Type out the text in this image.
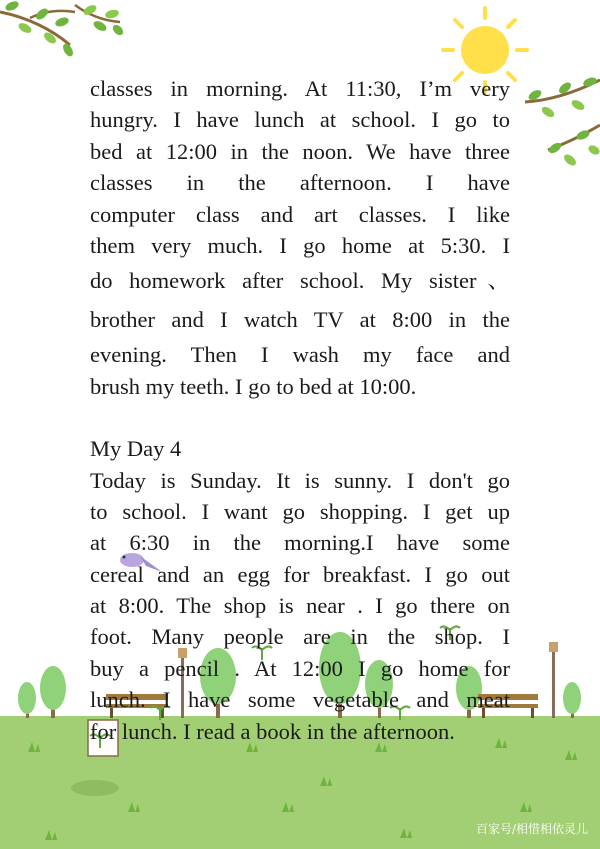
classes in morning. At 11:30, I’m very
hungry. I have lunch at school. I go to
bed at 12:00 in the noon. We have three
classes in the afternoon. I have
computer class and art classes. I like
them very much. I go home at 5:30. I
do homework after school. My sister、
brother and I watch TV at 8:00 in the
evening. Then I wash my face and
brush my teeth. I go to bed at 10:00.
My Day 4
Today is Sunday. It is sunny. I don't go
to school. I want go shopping. I get up
at 6:30 in the morning.I have some
cereal and an egg for breakfast. I go out
at 8:00. The shop is near . I go there on
foot. Many people are in the shop. I
buy a pencil . At 12:00 I go home for
lunch. I have some vegetable and meat
for lunch. I read a book in the afternoon.
百家号/相惜相依灵儿
